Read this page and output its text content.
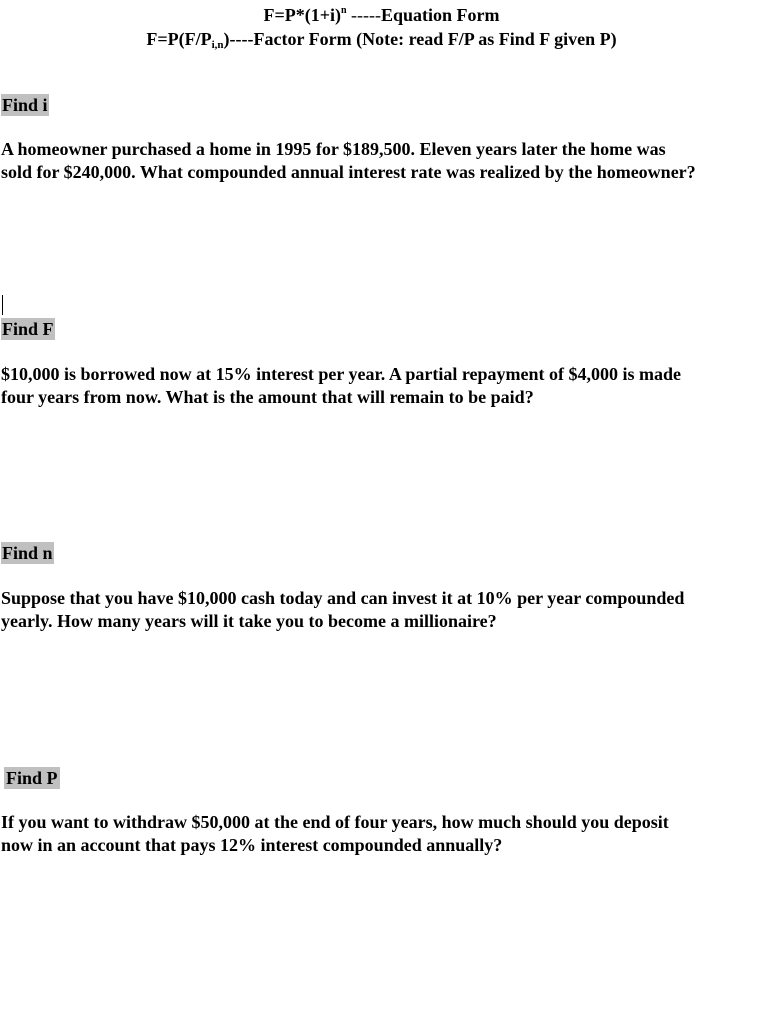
$F=P*(1+i)^n$ -----Equation Form
$F=P(F/P_{i,n})---$-Factor Form (Note: read F/P as Find F given P)
Find i
A homeowner purchased a home in 1995 for $189,500. Eleven years later the home was
sold for $240,000. What compounded annual interest rate was realized by the homeowner?
Find F
$10,000 is borrowed now at 15% interest per year. A partial repayment of $4,000 is made
four years from now. What is the amount that will remain to be paid?
Find n
Suppose that you have $10,000 cash today and can invest it at 10% per year compounded
yearly. How many years will it take you to become a millionaire?
Find P
If you want to withdraw $50,000 at the end of four years, how much should you deposit
now in an account that pays 12% interest compounded annually?
